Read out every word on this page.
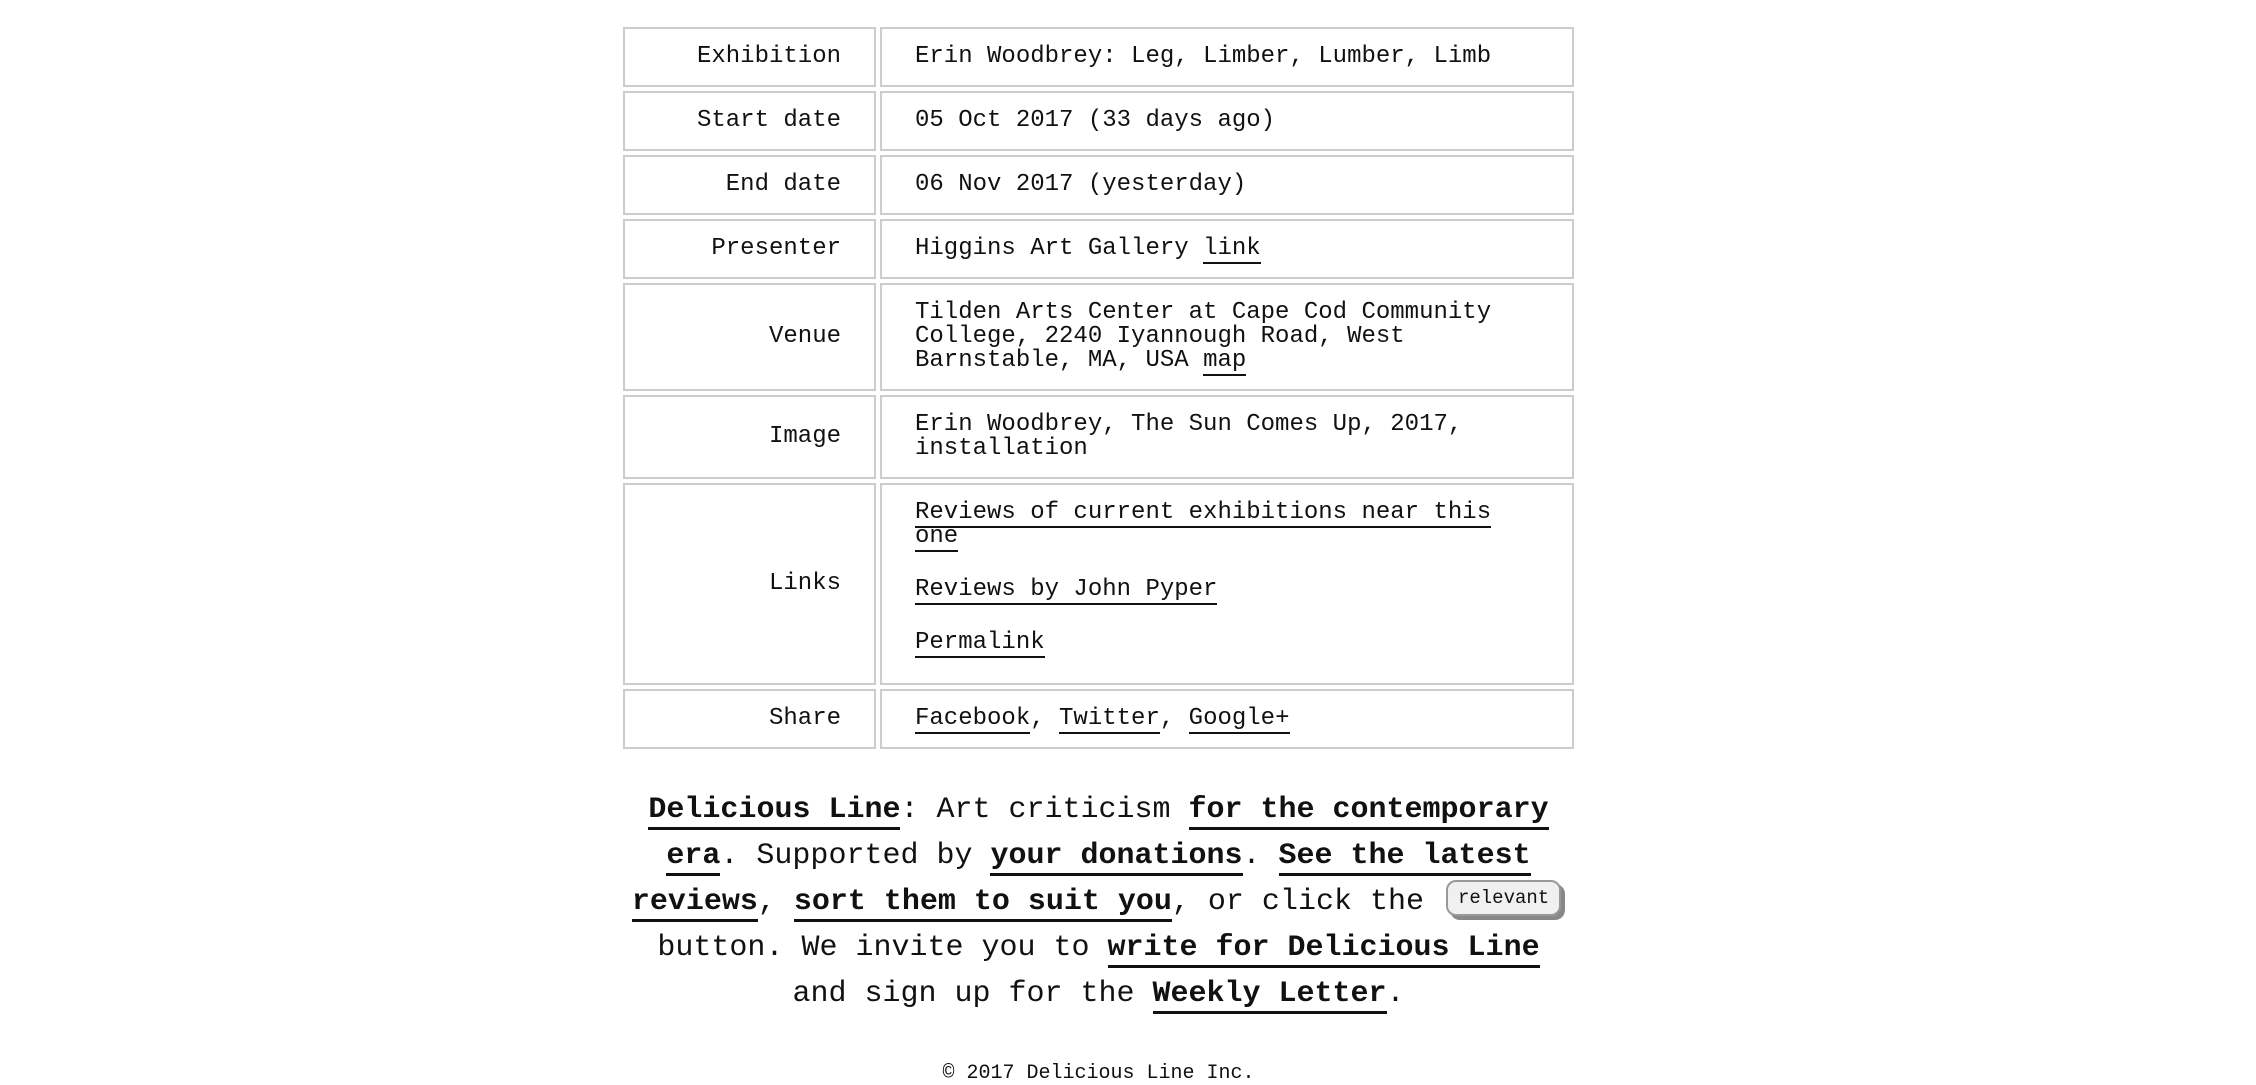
Exhibition	Erin Woodbrey: Leg, Limber, Lumber, Limb
Start date	05 Oct 2017 (33 days ago)
End date	06 Nov 2017 (yesterday)
Presenter	Higgins Art Gallery link
Venue	Tilden Arts Center at Cape Cod Community College, 2240 Iyannough Road, West Barnstable, MA, USA map
Image	Erin Woodbrey, The Sun Comes Up, 2017, installation
Links	Reviews of current exhibitions near this one
Reviews by John Pyper
Permalink

Share	Facebook, Twitter, Google+

Delicious Line: Art criticism for the contemporary era. Supported by your donations. See the latest reviews, sort them to suit you, or click the relevant button. We invite you to write for Delicious Line and sign up for the Weekly Letter.

© 2017 Delicious Line Inc.
